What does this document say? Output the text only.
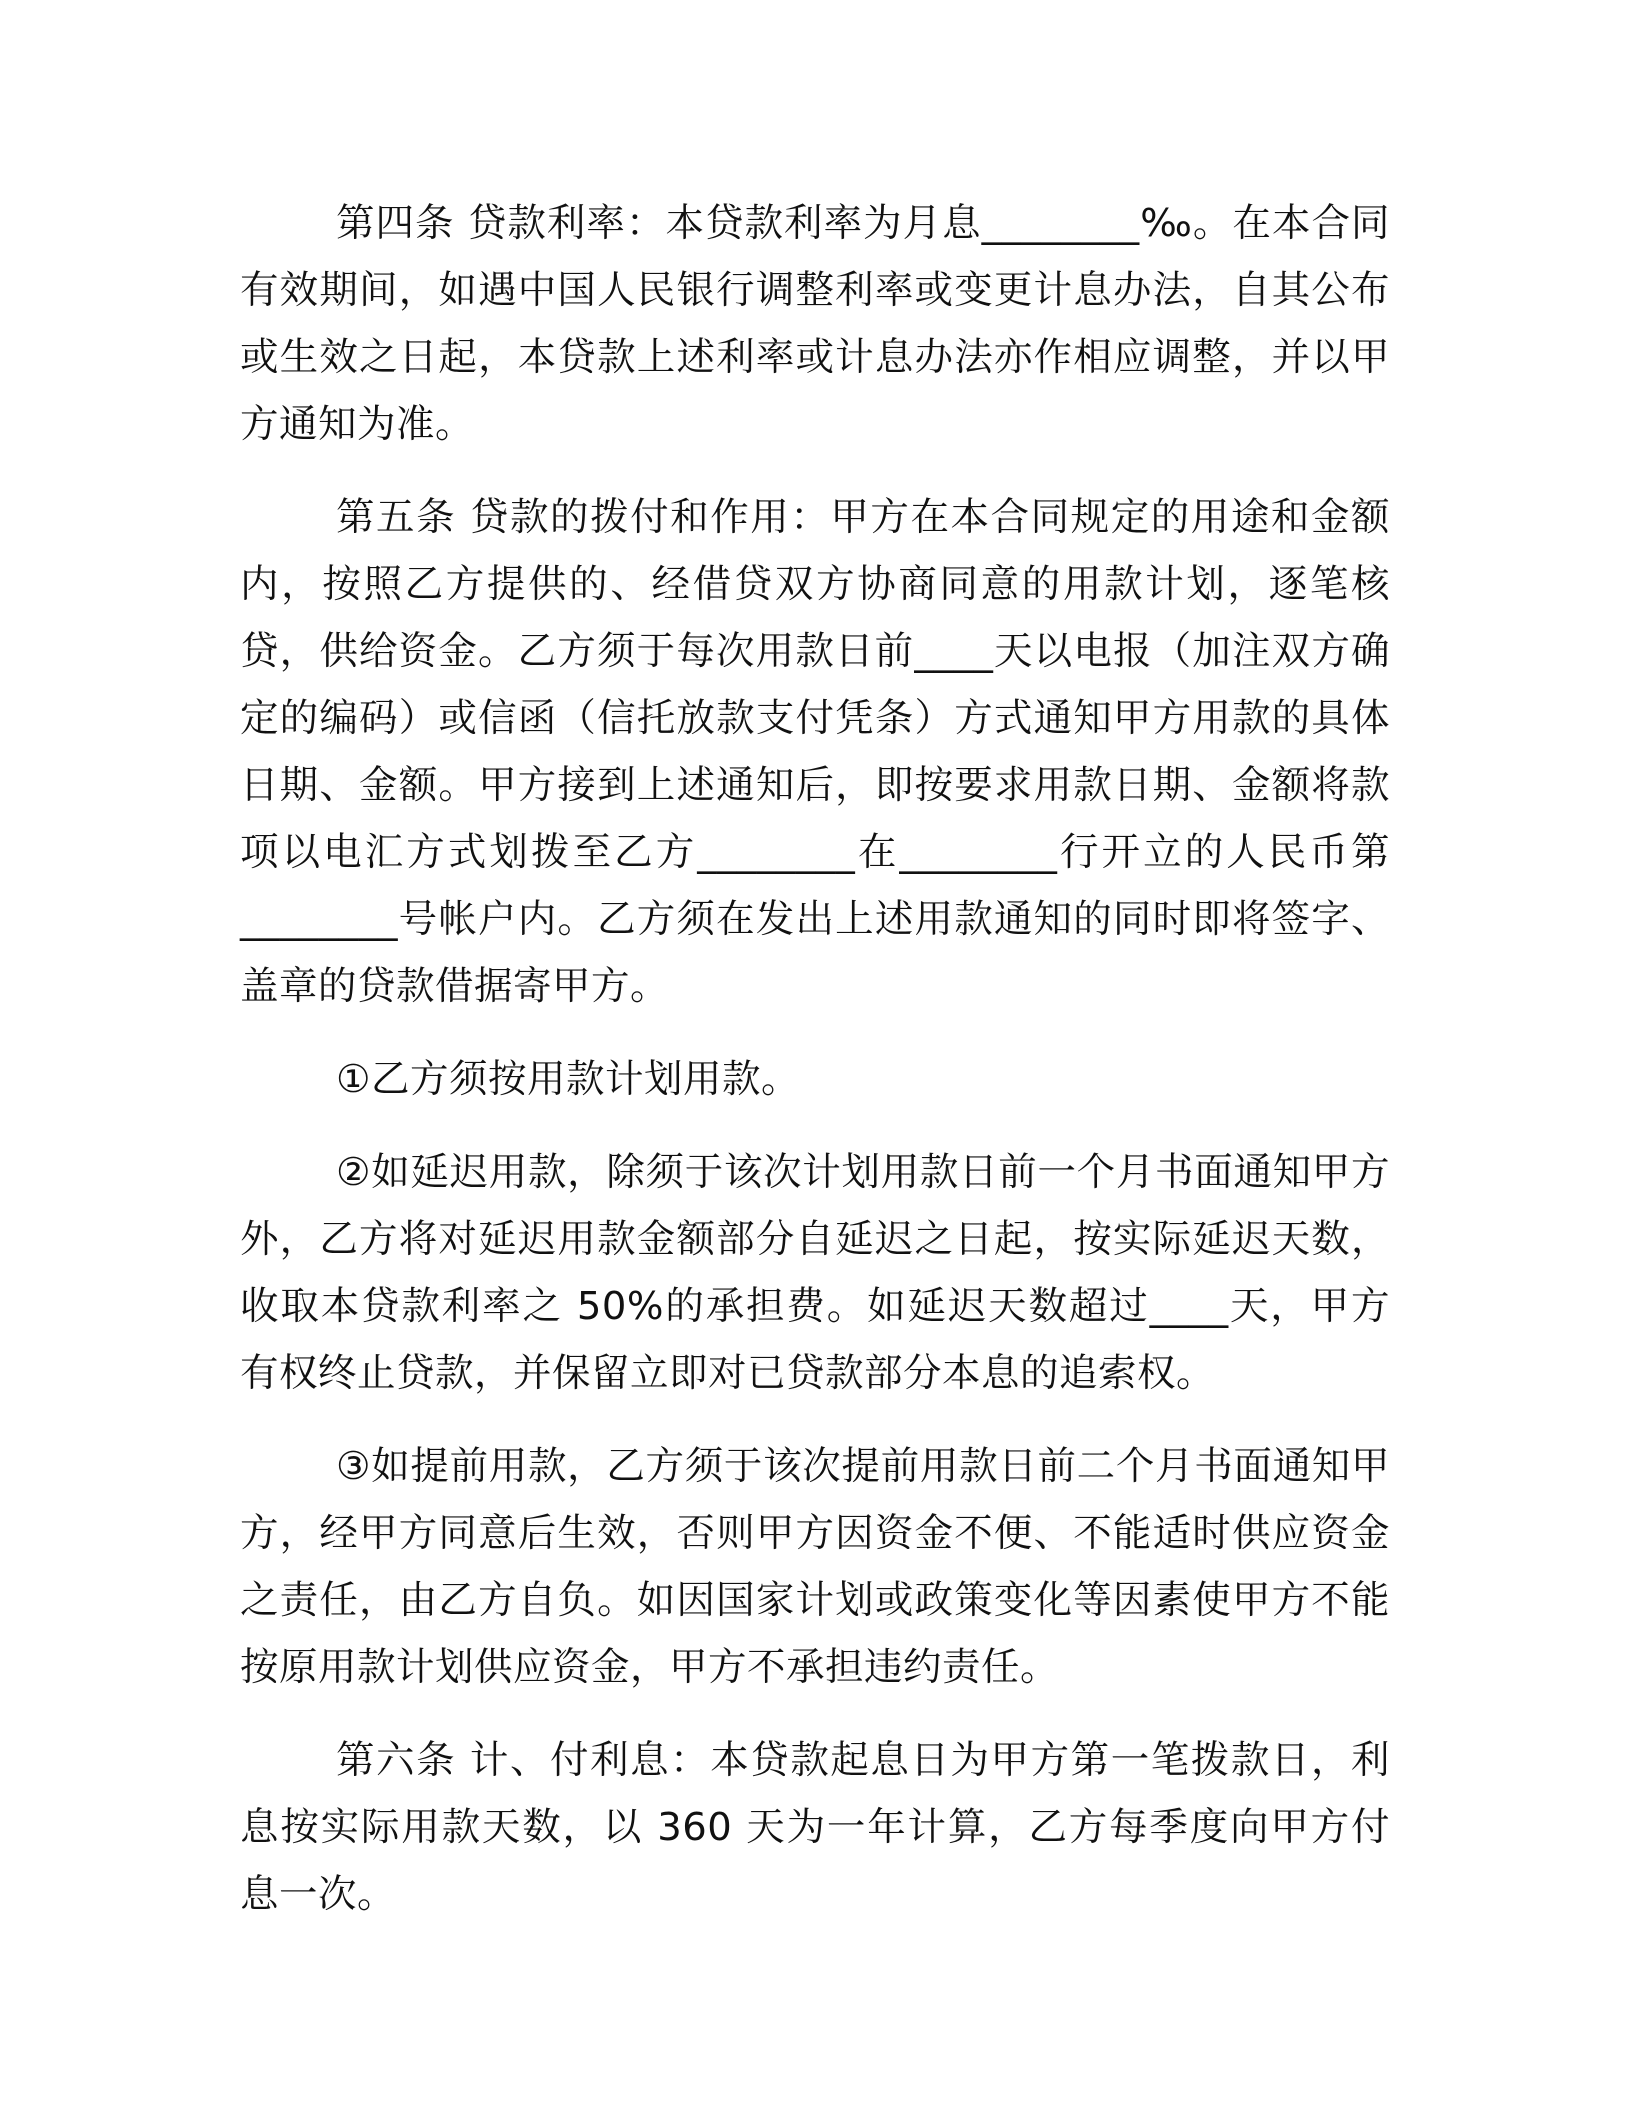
第四条 贷款利率：本贷款利率为月息________‰。在本合同有效期间，如遇中国人民银行调整利率或变更计息办法，自其公布或生效之日起，本贷款上述利率或计息办法亦作相应调整，并以甲方通知为准。

第五条 贷款的拨付和作用：甲方在本合同规定的用途和金额内，按照乙方提供的、经借贷双方协商同意的用款计划，逐笔核贷，供给资金。乙方须于每次用款日前____天以电报（加注双方确定的编码）或信函（信托放款支付凭条）方式通知甲方用款的具体日期、金额。甲方接到上述通知后，即按要求用款日期、金额将款项以电汇方式划拨至乙方________在________行开立的人民币第________号帐户内。乙方须在发出上述用款通知的同时即将签字、盖章的贷款借据寄甲方。

①乙方须按用款计划用款。

②如延迟用款，除须于该次计划用款日前一个月书面通知甲方外，乙方将对延迟用款金额部分自延迟之日起，按实际延迟天数，收取本贷款利率之 50%的承担费。如延迟天数超过____天，甲方有权终止贷款，并保留立即对已贷款部分本息的追索权。

③如提前用款，乙方须于该次提前用款日前二个月书面通知甲方，经甲方同意后生效，否则甲方因资金不便、不能适时供应资金之责任，由乙方自负。如因国家计划或政策变化等因素使甲方不能按原用款计划供应资金，甲方不承担违约责任。

第六条 计、付利息：本贷款起息日为甲方第一笔拨款日，利息按实际用款天数，以 360 天为一年计算，乙方每季度向甲方付息一次。
